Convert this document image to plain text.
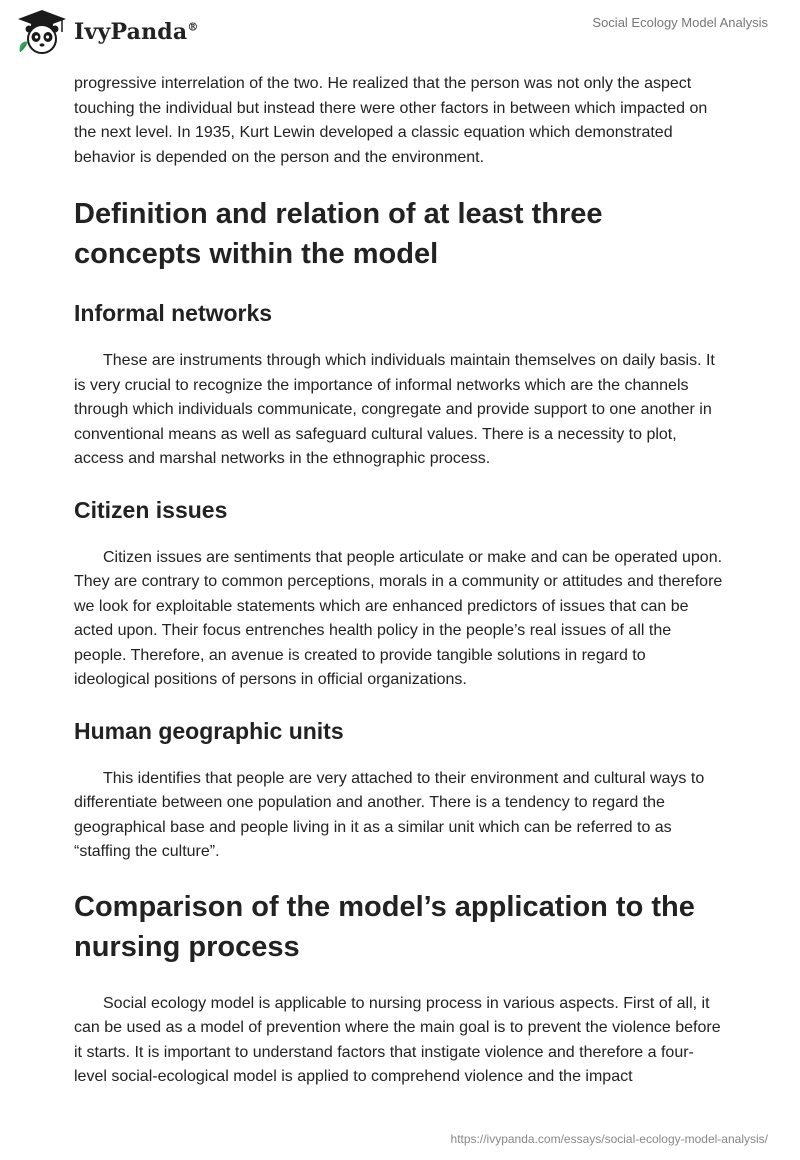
IvyPanda®	Social Ecology Model Analysis

progressive interrelation of the two. He realized that the person was not only the aspect touching the individual but instead there were other factors in between which impacted on the next level. In 1935, Kurt Lewin developed a classic equation which demonstrated behavior is depended on the person and the environment.

Definition and relation of at least three concepts within the model
Informal networks

These are instruments through which individuals maintain themselves on daily basis. It is very crucial to recognize the importance of informal networks which are the channels through which individuals communicate, congregate and provide support to one another in conventional means as well as safeguard cultural values. There is a necessity to plot, access and marshal networks in the ethnographic process.

Citizen issues

Citizen issues are sentiments that people articulate or make and can be operated upon. They are contrary to common perceptions, morals in a community or attitudes and therefore we look for exploitable statements which are enhanced predictors of issues that can be acted upon. Their focus entrenches health policy in the people’s real issues of all the people. Therefore, an avenue is created to provide tangible solutions in regard to ideological positions of persons in official organizations.

Human geographic units

This identifies that people are very attached to their environment and cultural ways to differentiate between one population and another. There is a tendency to regard the geographical base and people living in it as a similar unit which can be referred to as “staffing the culture”.

Comparison of the model’s application to the nursing process

Social ecology model is applicable to nursing process in various aspects. First of all, it can be used as a model of prevention where the main goal is to prevent the violence before it starts. It is important to understand factors that instigate violence and therefore a four-level social-ecological model is applied to comprehend violence and the impact

https://ivypanda.com/essays/social-ecology-model-analysis/
